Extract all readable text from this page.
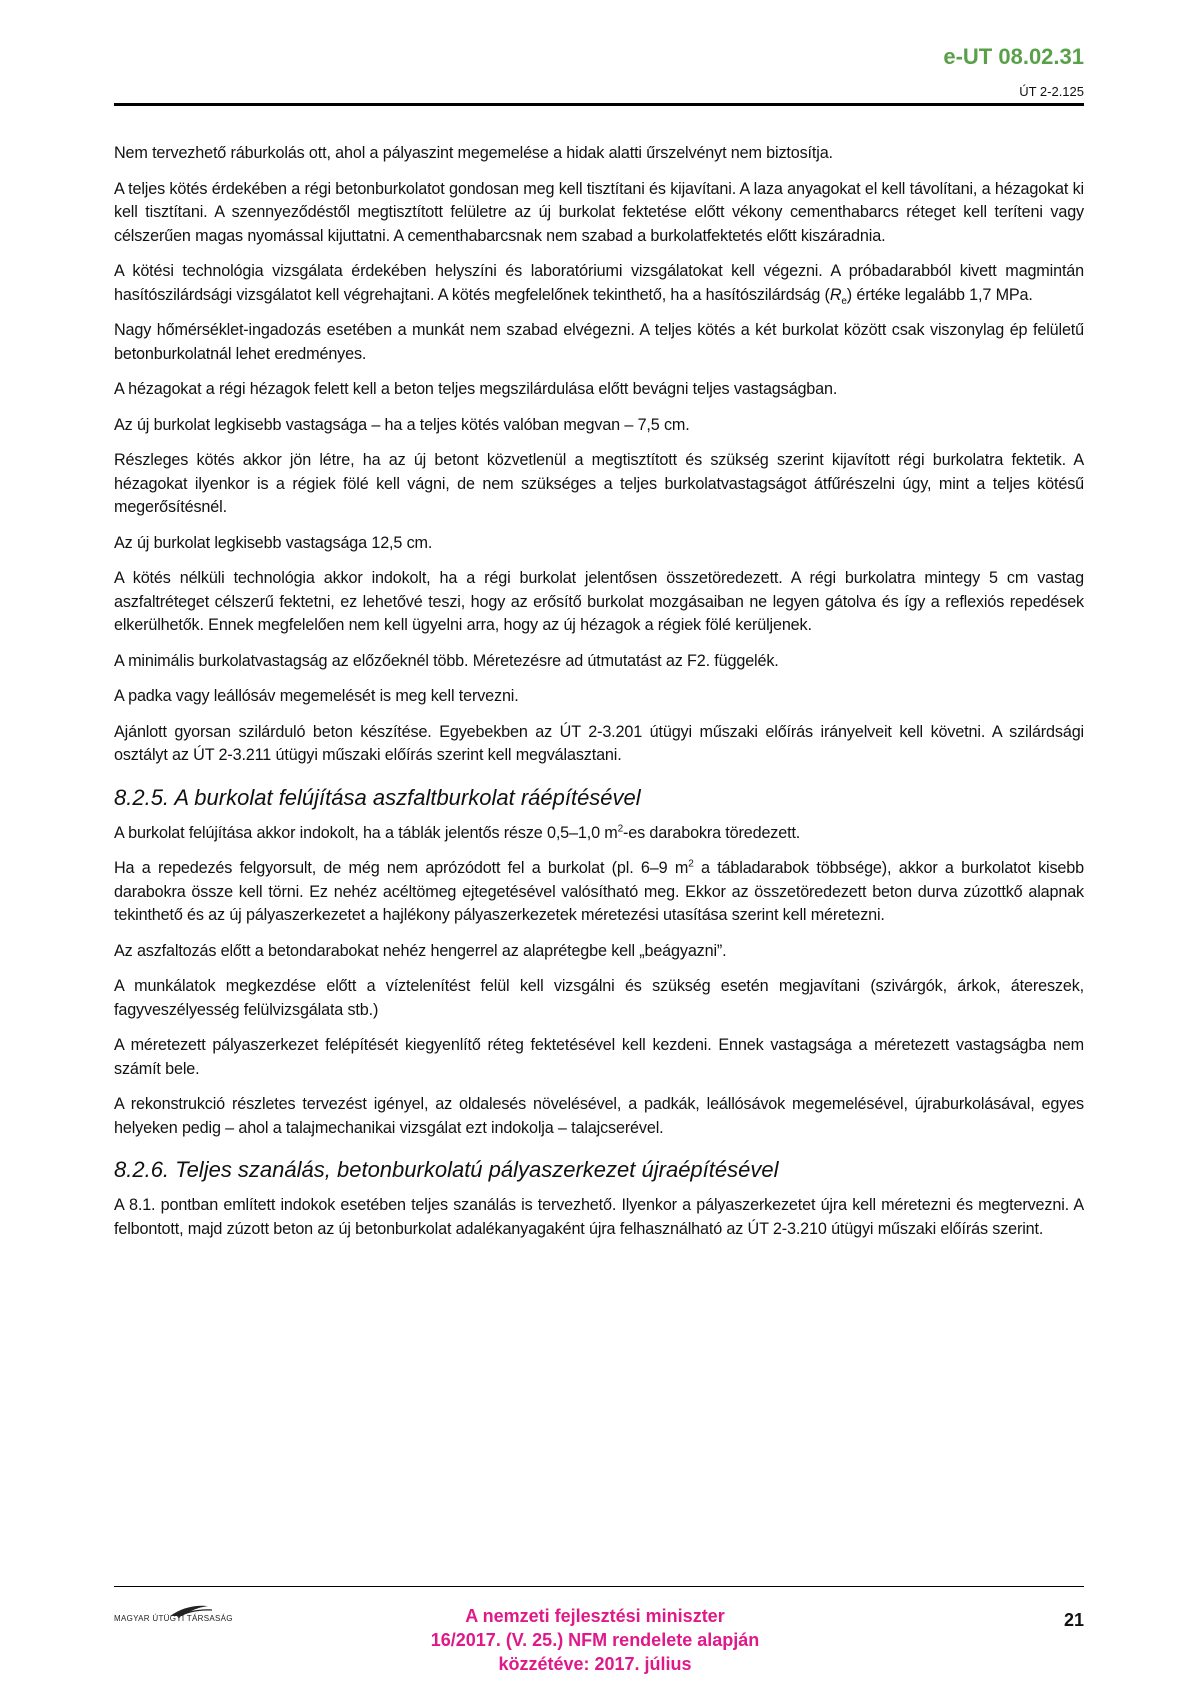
e-UT 08.02.31
ÚT 2-2.125

Nem tervezhető ráburkolás ott, ahol a pályaszint megemelése a hidak alatti űrszelvényt nem biztosítja.

A teljes kötés érdekében a régi betonburkolatot gondosan meg kell tisztítani és kijavítani. A laza anyagokat el kell távolítani, a hézagokat ki kell tisztítani. A szennyeződéstől megtisztított felületre az új burkolat fektetése előtt vékony cementhabarcs réteget kell teríteni vagy célszerűen magas nyomással kijuttatni. A cementhabarcsnak nem szabad a burkolatfektetés előtt kiszáradnia.

A kötési technológia vizsgálata érdekében helyszíni és laboratóriumi vizsgálatokat kell végezni. A próbadarabból kivett magmintán hasítószilárdsági vizsgálatot kell végrehajtani. A kötés megfelelőnek tekinthető, ha a hasítószilárdság $(R_e)$ értéke legalább 1,7 MPa.

Nagy hőmérséklet-ingadozás esetében a munkát nem szabad elvégezni. A teljes kötés a két burkolat között csak viszonylag ép felületű betonburkolatnál lehet eredményes.

A hézagokat a régi hézagok felett kell a beton teljes megszilárdulása előtt bevágni teljes vastagságban.

Az új burkolat legkisebb vastagsága – ha a teljes kötés valóban megvan – 7,5 cm.

Részleges kötés akkor jön létre, ha az új betont közvetlenül a megtisztított és szükség szerint kijavított régi burkolatra fektetik. A hézagokat ilyenkor is a régiek fölé kell vágni, de nem szükséges a teljes burkolatvastagságot átfűrészelni úgy, mint a teljes kötésű megerősítésnél.

Az új burkolat legkisebb vastagsága 12,5 cm.

A kötés nélküli technológia akkor indokolt, ha a régi burkolat jelentősen összetöredezett. A régi burkolatra mintegy 5 cm vastag aszfaltréteget célszerű fektetni, ez lehetővé teszi, hogy az erősítő burkolat mozgásaiban ne legyen gátolva és így a reflexiós repedések elkerülhetők. Ennek megfelelően nem kell ügyelni arra, hogy az új hézagok a régiek fölé kerüljenek.

A minimális burkolatvastagság az előzőeknél több. Méretezésre ad útmutatást az F2. függelék.

A padka vagy leállósáv megemelését is meg kell tervezni.

Ajánlott gyorsan szilárduló beton készítése. Egyebekben az ÚT 2-3.201 útügyi műszaki előírás irányelveit kell követni. A szilárdsági osztályt az ÚT 2-3.211 útügyi műszaki előírás szerint kell megválasztani.

8.2.5. A burkolat felújítása aszfaltburkolat ráépítésével

A burkolat felújítása akkor indokolt, ha a táblák jelentős része 0,5–1,0 $m^2-es$ darabokra töredezett.

Ha a repedezés felgyorsult, de még nem aprózódott fel a burkolat (pl. 6–9 $m^2$ a tábladarabok többsége), akkor a burkolatot kisebb darabokra össze kell törni. Ez nehéz acéltömeg ejtegetésével valósítható meg. Ekkor az összetöredezett beton durva zúzottkő alapnak tekinthető és az új pályaszerkezetet a hajlékony pályaszerkezetek méretezési utasítása szerint kell méretezni.

Az aszfaltozás előtt a betondarabokat nehéz hengerrel az alaprétegbe kell „beágyazni”.

A munkálatok megkezdése előtt a víztelenítést felül kell vizsgálni és szükség esetén megjavítani (szivárgók, árkok, átereszek, fagyveszélyesség felülvizsgálata stb.)

A méretezett pályaszerkezet felépítését kiegyenlítő réteg fektetésével kell kezdeni. Ennek vastagsága a méretezett vastagságba nem számít bele.

A rekonstrukció részletes tervezést igényel, az oldalesés növelésével, a padkák, leállósávok megemelésével, újraburkolásával, egyes helyeken pedig – ahol a talajmechanikai vizsgálat ezt indokolja – talajcserével.

8.2.6. Teljes szanálás, betonburkolatú pályaszerkezet újraépítésével

A 8.1. pontban említett indokok esetében teljes szanálás is tervezhető. Ilyenkor a pályaszerkezetet újra kell méretezni és megtervezni. A felbontott, majd zúzott beton az új betonburkolat adalékanyagaként újra felhasználható az ÚT 2-3.210 útügyi műszaki előírás szerint.

MAGYAR ÚTÜGYI TÁRSASÁG	A nemzeti fejlesztési miniszter
16/2017. (V. 25.) NFM rendelete alapján
közzétéve: 2017. július
21
